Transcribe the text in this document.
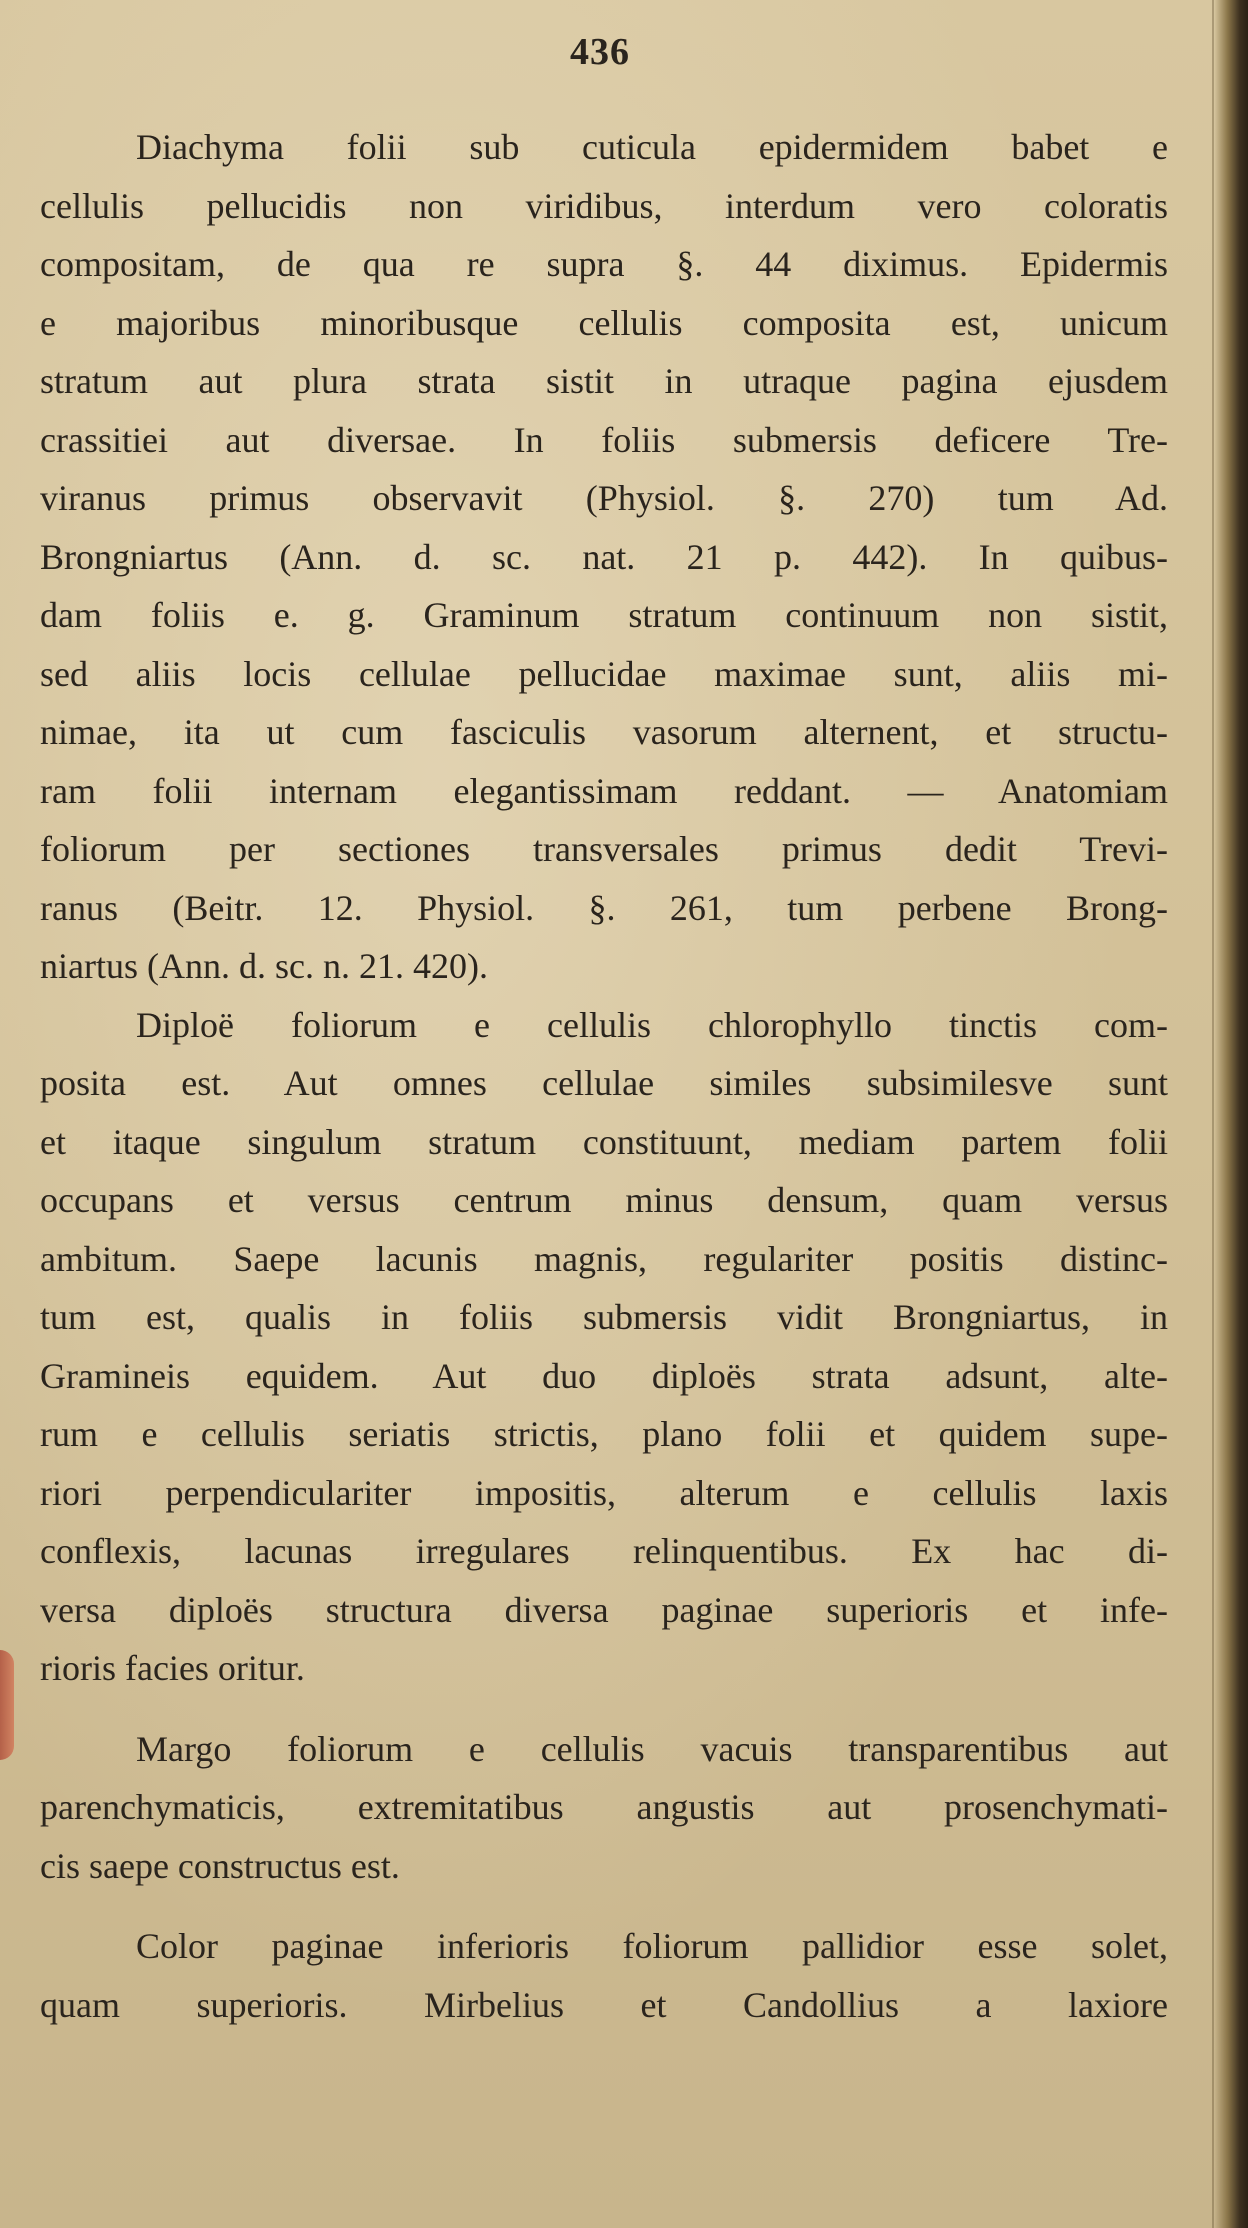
436
Diachyma folii sub cuticula epidermidem babet e
cellulis pellucidis non viridibus, interdum vero coloratis
compositam, de qua re supra §. 44 diximus. Epidermis
e majoribus minoribusque cellulis composita est, unicum
stratum aut plura strata sistit in utraque pagina ejusdem
crassitiei aut diversae. In foliis submersis deficere Tre-
viranus primus observavit (Physiol. §. 270) tum Ad.
Brongniartus (Ann. d. sc. nat. 21 p. 442). In quibus-
dam foliis e. g. Graminum stratum continuum non sistit,
sed aliis locis cellulae pellucidae maximae sunt, aliis mi-
nimae, ita ut cum fasciculis vasorum alternent, et structu-
ram folii internam elegantissimam reddant. — Anatomiam
foliorum per sectiones transversales primus dedit Trevi-
ranus (Beitr. 12. Physiol. §. 261, tum perbene Brong-
niartus (Ann. d. sc. n. 21. 420).
Diploë foliorum e cellulis chlorophyllo tinctis com-
posita est. Aut omnes cellulae similes subsimilesve sunt
et itaque singulum stratum constituunt, mediam partem folii
occupans et versus centrum minus densum, quam versus
ambitum. Saepe lacunis magnis, regulariter positis distinc-
tum est, qualis in foliis submersis vidit Brongniartus, in
Gramineis equidem. Aut duo diploës strata adsunt, alte-
rum e cellulis seriatis strictis, plano folii et quidem supe-
riori perpendiculariter impositis, alterum e cellulis laxis
conflexis, lacunas irregulares relinquentibus. Ex hac di-
versa diploës structura diversa paginae superioris et infe-
rioris facies oritur.
Margo foliorum e cellulis vacuis transparentibus aut
parenchymaticis, extremitatibus angustis aut prosenchymati-
cis saepe constructus est.
Color paginae inferioris foliorum pallidior esse solet,
quam superioris. Mirbelius et Candollius a laxiore
